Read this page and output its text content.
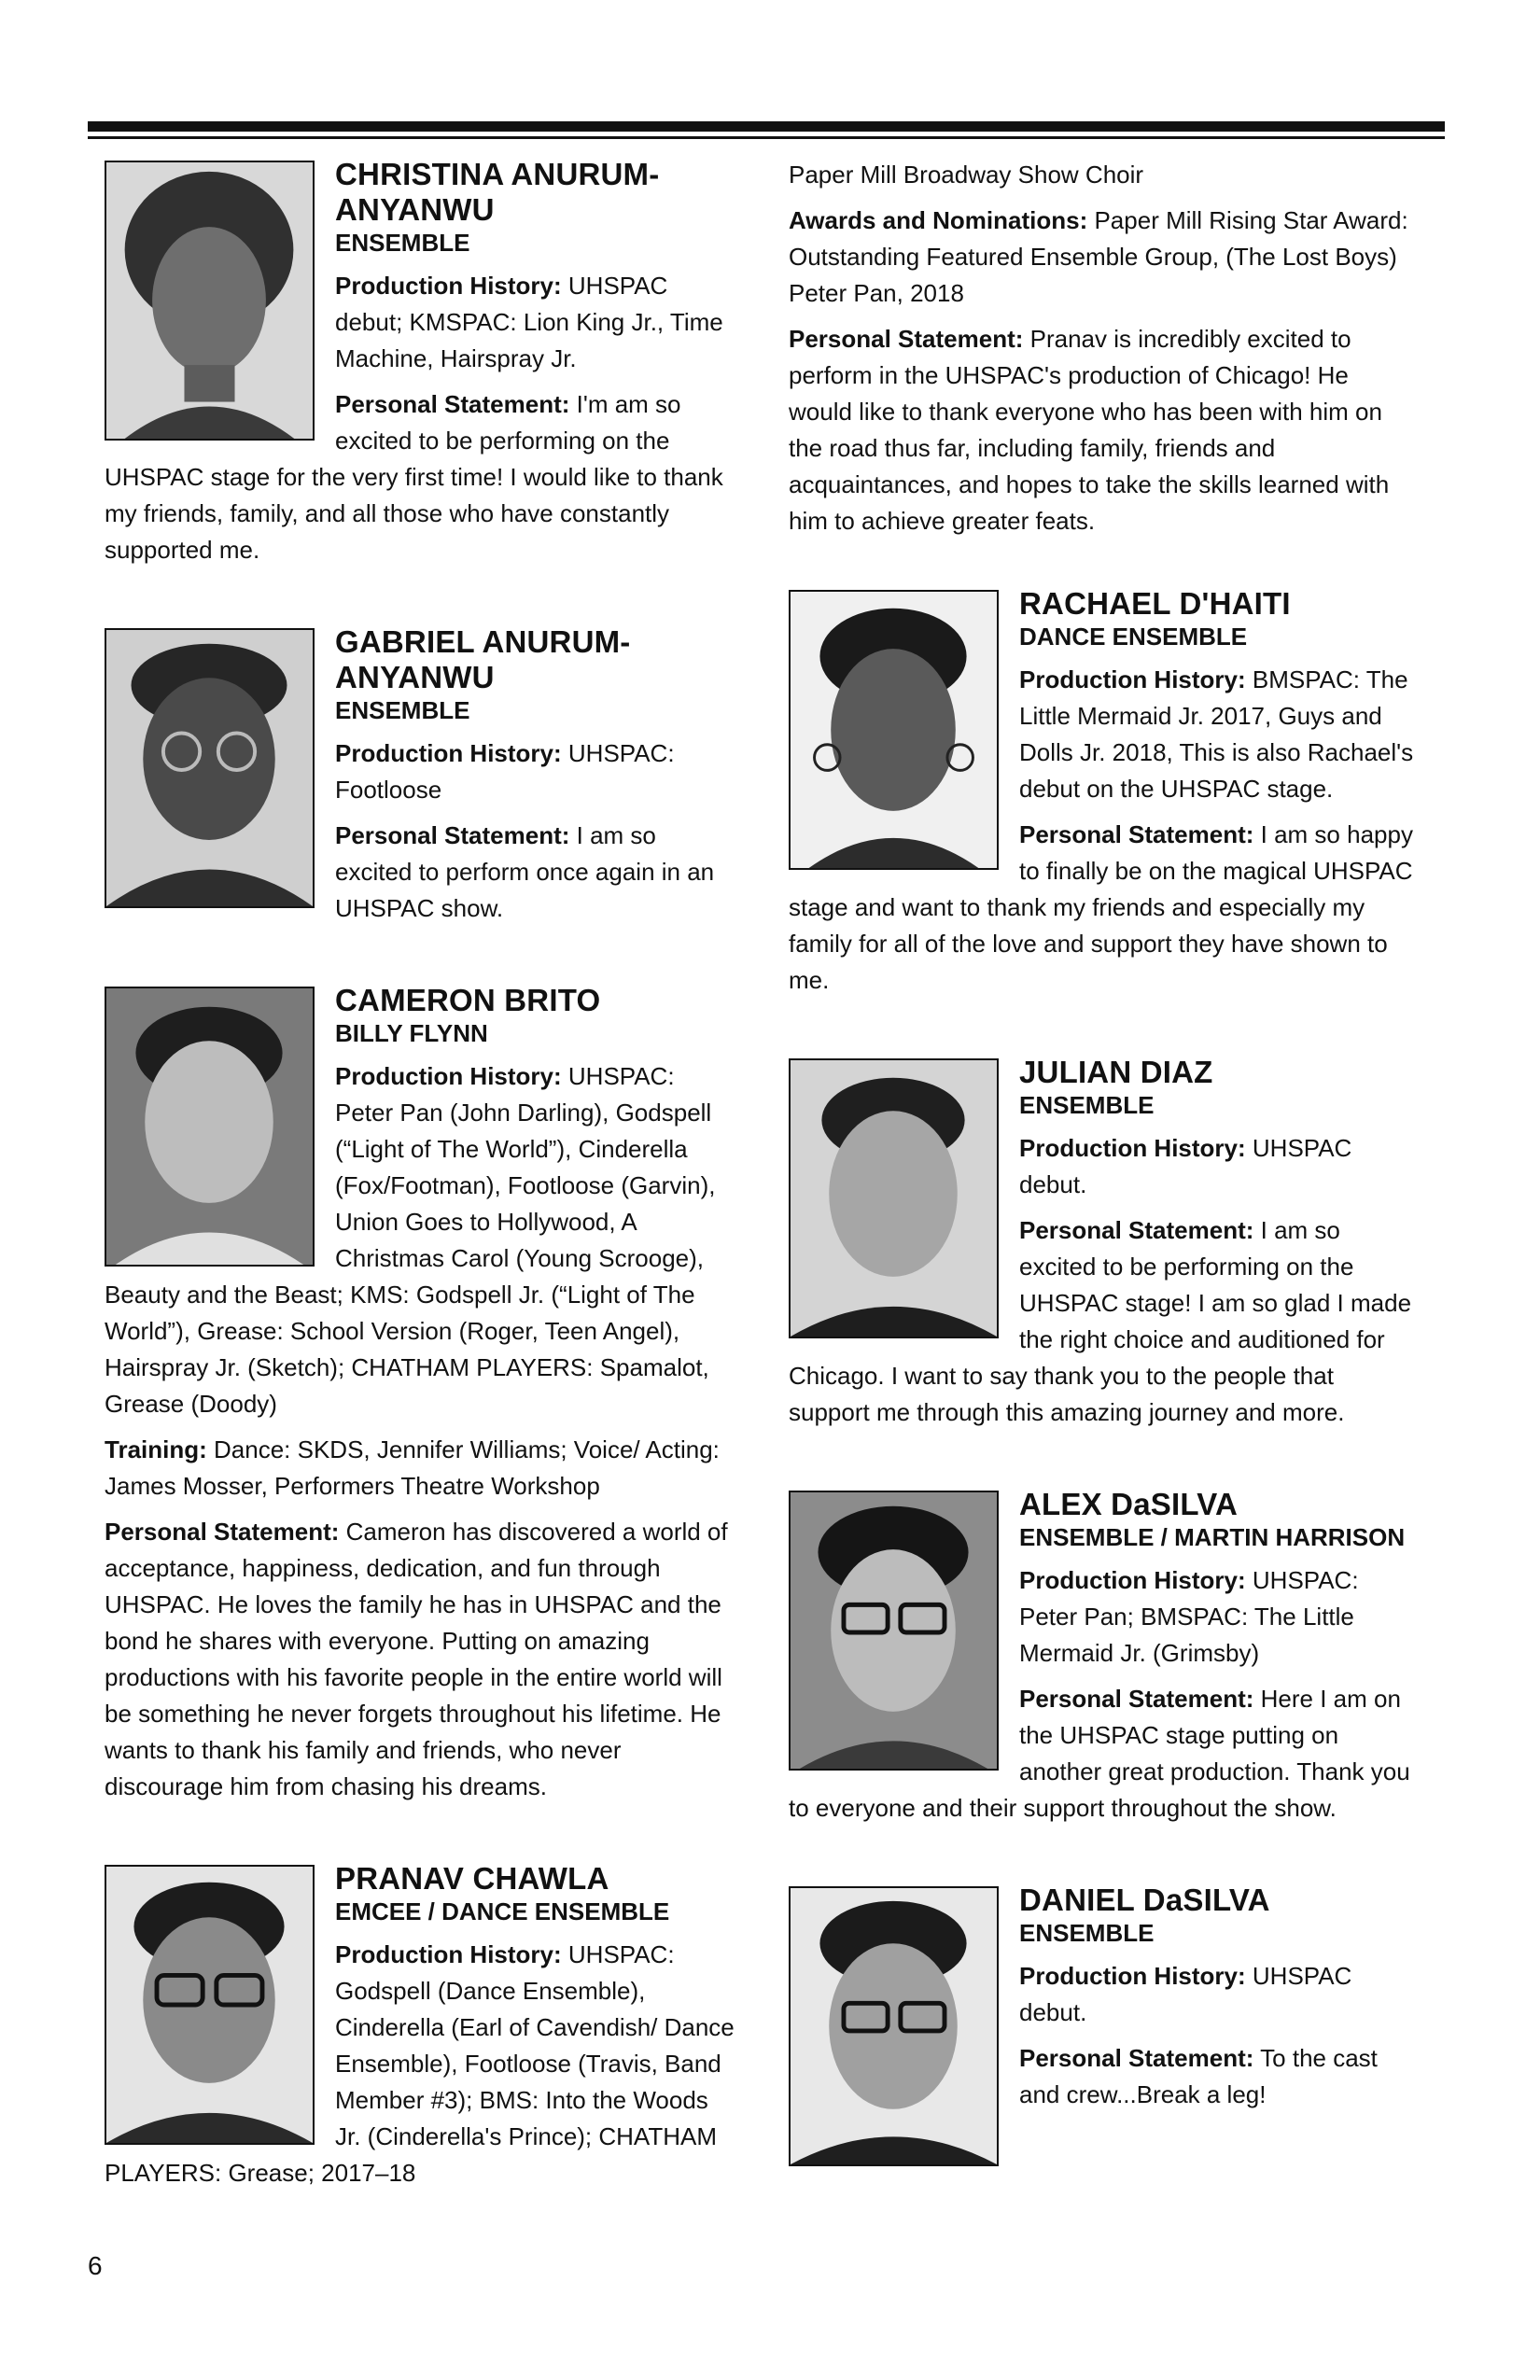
CHRISTINA ANURUM-ANYANWU

ENSEMBLE

Production History: UHSPAC debut; KMSPAC: Lion King Jr., Time Machine, Hairspray Jr.

Personal Statement: I'm am so excited to be performing on the UHSPAC stage for the very first time! I would like to thank my friends, family, and all those who have constantly supported me.

GABRIEL ANURUM-ANYANWU

ENSEMBLE

Production History: UHSPAC: Footloose

Personal Statement: I am so excited to perform once again in an UHSPAC show.

CAMERON BRITO

BILLY FLYNN

Production History: UHSPAC: Peter Pan (John Darling), Godspell (“Light of The World”), Cinderella (Fox/Footman), Footloose (Garvin), Union Goes to Hollywood, A Christmas Carol (Young Scrooge), Beauty and the Beast; KMS: Godspell Jr. (“Light of The World”), Grease: School Version (Roger, Teen Angel), Hairspray Jr. (Sketch); CHATHAM PLAYERS: Spamalot, Grease (Doody)

Training: Dance: SKDS, Jennifer Williams; Voice/ Acting: James Mosser, Performers Theatre Workshop

Personal Statement: Cameron has discovered a world of acceptance, happiness, dedication, and fun through UHSPAC. He loves the family he has in UHSPAC and the bond he shares with everyone. Putting on amazing productions with his favorite people in the entire world will be something he never forgets throughout his lifetime. He wants to thank his family and friends, who never discourage him from chasing his dreams.

PRANAV CHAWLA

EMCEE / DANCE ENSEMBLE

Production History: UHSPAC: Godspell (Dance Ensemble), Cinderella (Earl of Cavendish/ Dance Ensemble), Footloose (Travis, Band Member #3); BMS: Into the Woods Jr. (Cinderella's Prince); CHATHAM PLAYERS: Grease; 2017–18

Paper Mill Broadway Show Choir

Awards and Nominations: Paper Mill Rising Star Award: Outstanding Featured Ensemble Group, (The Lost Boys) Peter Pan, 2018

Personal Statement: Pranav is incredibly excited to perform in the UHSPAC's production of Chicago! He would like to thank everyone who has been with him on the road thus far, including family, friends and acquaintances, and hopes to take the skills learned with him to achieve greater feats.

RACHAEL D'HAITI

DANCE ENSEMBLE

Production History: BMSPAC: The Little Mermaid Jr. 2017, Guys and Dolls Jr. 2018, This is also Rachael's debut on the UHSPAC stage.

Personal Statement: I am so happy to finally be on the magical UHSPAC stage and want to thank my friends and especially my family for all of the love and support they have shown to me.

JULIAN DIAZ

ENSEMBLE

Production History: UHSPAC debut.

Personal Statement: I am so excited to be performing on the UHSPAC stage! I am so glad I made the right choice and auditioned for Chicago. I want to say thank you to the people that support me through this amazing journey and more.

ALEX DaSILVA

ENSEMBLE / MARTIN HARRISON

Production History: UHSPAC: Peter Pan; BMSPAC: The Little Mermaid Jr. (Grimsby)

Personal Statement: Here I am on the UHSPAC stage putting on another great production. Thank you to everyone and their support throughout the show.

DANIEL DaSILVA

ENSEMBLE

Production History: UHSPAC debut.

Personal Statement: To the cast and crew...Break a leg!

6
